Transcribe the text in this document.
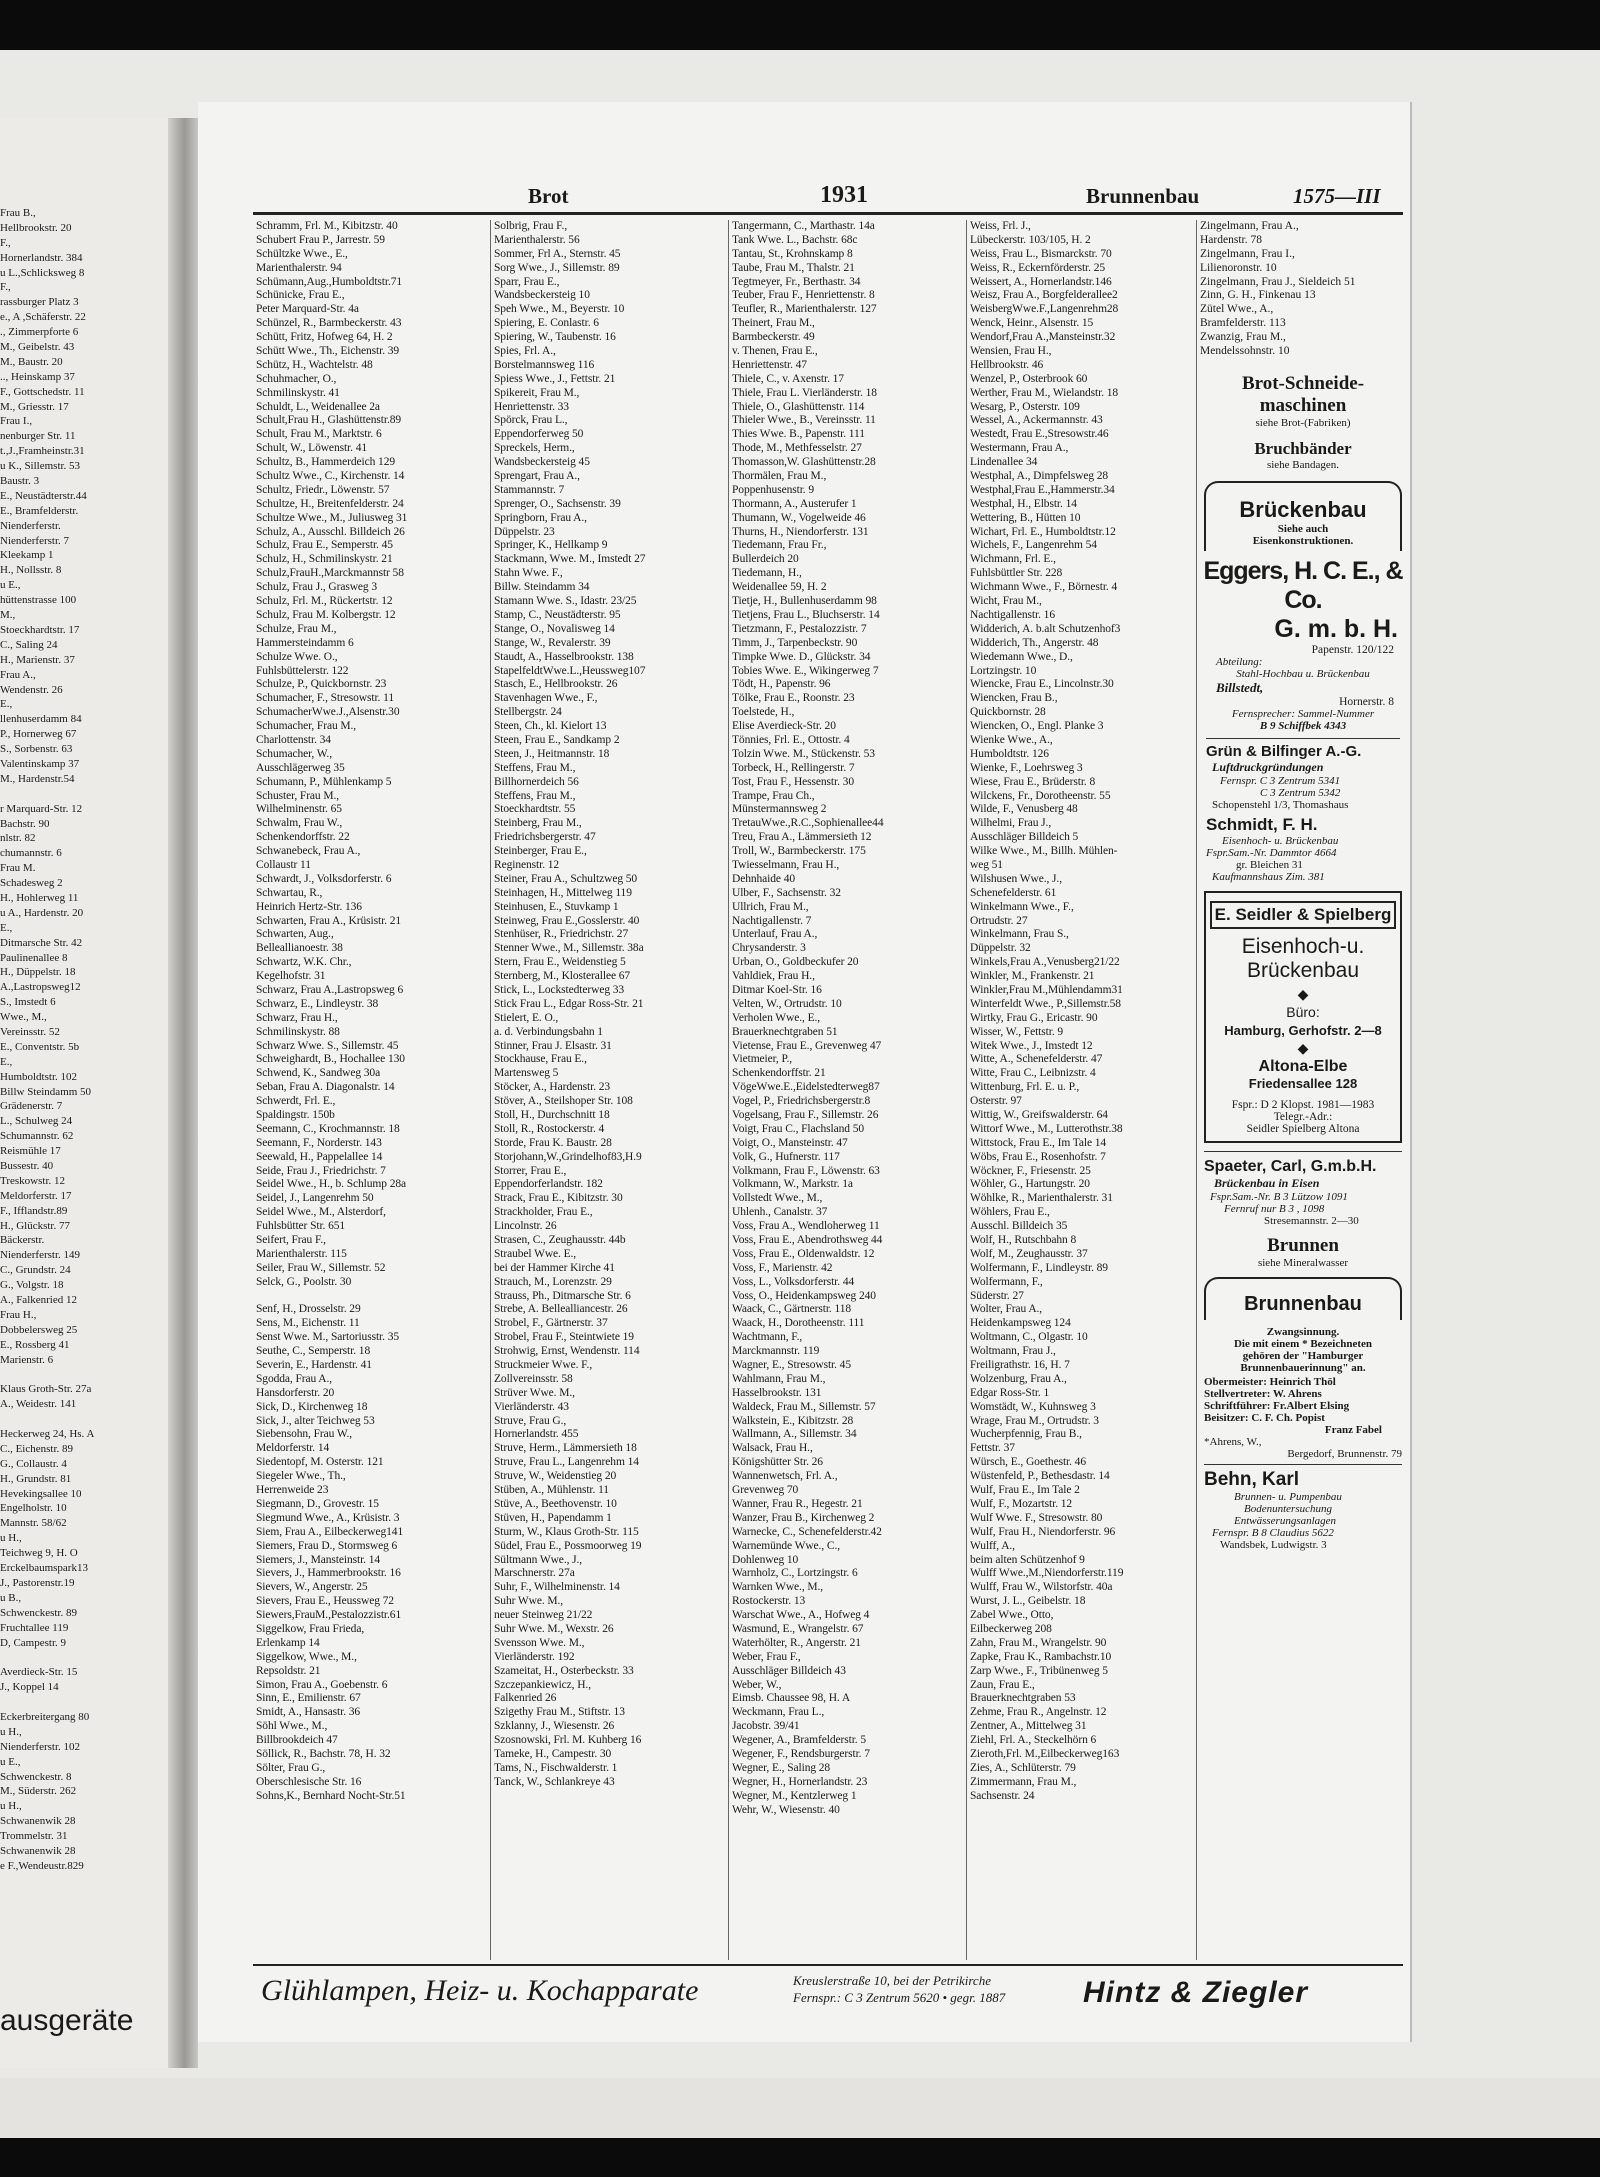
Frau B.,
Hellbrookstr. 20
F.,
Hornerlandstr. 384
u L.,Schlicksweg 8
F.,
rassburger Platz 3
e., A ,Schäferstr. 22
., Zimmerpforte 6
M., Geibelstr. 43
M., Baustr. 20
.., Heinskamp 37
F., Gottschedstr. 11
M., Griesstr. 17
Frau I.,
nenburger Str. 11
t.,J.,Framheinstr.31
u K., Sillemstr. 53
Baustr. 3
E., Neustädterstr.44
E., Bramfelderstr.
Nienderferstr.
Nienderferstr. 7
Kleekamp 1
H., Nollsstr. 8
u E.,
hüttenstrasse 100
M.,
Stoeckhardtstr. 17
C., Saling 24
H., Marienstr. 37
Frau A.,
Wendenstr. 26
E.,
llenhuserdamm 84
P., Hornerweg 67
S., Sorbenstr. 63
Valentinskamp 37
M., Hardenstr.54
r Marquard-Str. 12
Bachstr. 90
nlstr. 82
chumannstr. 6
Frau M.
Schadesweg 2
H., Hohlerweg 11
u A., Hardenstr. 20
E.,
Ditmarsche Str. 42
Paulinenallee 8
H., Düppelstr. 18
A.,Lastropsweg12
S., Imstedt 6
Wwe., M.,
Vereinsstr. 52
E., Conventstr. 5b
E.,
Humboldtstr. 102
Billw Steindamm 50
Grädenerstr. 7
L., Schulweg 24
Schumannstr. 62
Reismühle 17
Bussestr. 40
Treskowstr. 12
Meldorferstr. 17
F., Ifflandstr.89
H., Glückstr. 77
Bäckerstr.
Nienderferstr. 149
C., Grundstr. 24
G., Volgstr. 18
A., Falkenried 12
Frau H.,
Dobbelersweg 25
E., Rossberg 41
Marienstr. 6
Klaus Groth-Str. 27a
A., Weidestr. 141
Heckerweg 24, Hs. A
C., Eichenstr. 89
G., Collaustr. 4
H., Grundstr. 81
Hevekingsallee 10
Engelholstr. 10
Mannstr. 58/62
u H.,
Teichweg 9, H. O
Erckelbaumspark13
J., Pastorenstr.19
u B.,
Schwenckestr. 89
Fruchtallee 119
D, Campestr. 9
Averdieck-Str. 15
J., Koppel 14
Eckerbreitergang 80
u H.,
Nienderferstr. 102
u E.,
Schwenckestr. 8
M., Süderstr. 262
u H.,
Schwanenwik 28
Trommelstr. 31
Schwanenwik 28
e F.,Wendeustr.829
ausgeräte
Brot	1931	Brunnenbau	1575—III
Schramm, Frl. M., Kibitzstr. 40
Schubert Frau P., Jarrestr. 59
Schültzke Wwe., E.,
Marienthalerstr. 94
Schümann,Aug.,Humboldtstr.71
Schünicke, Frau E.,
Peter Marquard-Str. 4a
Schünzel, R., Barmbeckerstr. 43
Schütt, Fritz, Hofweg 64, H. 2
Schütt Wwe., Th., Eichenstr. 39
Schütz, H., Wachtelstr. 48
Schuhmacher, O.,
Schmilinskystr. 41
Schuldt, L., Weidenallee 2a
Schult,Frau H., Glashüttenstr.89
Schult, Frau M., Marktstr. 6
Schult, W., Löwenstr. 41
Schultz, B., Hammerdeich 129
Schultz Wwe., C., Kirchenstr. 14
Schultz, Friedr., Löwenstr. 57
Schultze, H., Breitenfelderstr. 24
Schultze Wwe., M., Juliusweg 31
Schulz, A., Ausschl. Billdeich 26
Schulz, Frau E., Semperstr. 45
Schulz, H., Schmilinskystr. 21
Schulz,FrauH.,Marckmannstr 58
Schulz, Frau J., Grasweg 3
Schulz, Frl. M., Rückertstr. 12
Schulz, Frau M. Kolbergstr. 12
Schulze, Frau M.,
Hammersteindamm 6
Schulze Wwe. O.,
Fuhlsbüttelerstr. 122
Schulze, P., Quickbornstr. 23
Schumacher, F., Stresowstr. 11
SchumacherWwe.J.,Alsenstr.30
Schumacher, Frau M.,
Charlottenstr. 34
Schumacher, W.,
Ausschlägerweg 35
Schumann, P., Mühlenkamp 5
Schuster, Frau M.,
Wilhelminenstr. 65
Schwalm, Frau W.,
Schenkendorffstr. 22
Schwanebeck, Frau A.,
Collaustr 11
Schwardt, J., Volksdorferstr. 6
Schwartau, R.,
Heinrich Hertz-Str. 136
Schwarten, Frau A., Krüsistr. 21
Schwarten, Aug.,
Belleallianoestr. 38
Schwartz, W.K. Chr.,
Kegelhofstr. 31
Schwarz, Frau A.,Lastropsweg 6
Schwarz, E., Lindleystr. 38
Schwarz, Frau H.,
Schmilinskystr. 88
Schwarz Wwe. S., Sillemstr. 45
Schweighardt, B., Hochallee 130
Schwend, K., Sandweg 30a
Seban, Frau A. Diagonalstr. 14
Schwerdt, Frl. E.,
Spaldingstr. 150b
Seemann, C., Krochmannstr. 18
Seemann, F., Norderstr. 143
Seewald, H., Pappelallee 14
Seide, Frau J., Friedrichstr. 7
Seidel Wwe., H., b. Schlump 28a
Seidel, J., Langenrehm 50
Seidel Wwe., M., Alsterdorf,
Fuhlsbütter Str. 651
Seifert, Frau F.,
Marienthalerstr. 115
Seiler, Frau W., Sillemstr. 52
Selck, G., Poolstr. 30
Senf, H., Drosselstr. 29
Sens, M., Eichenstr. 11
Senst Wwe. M., Sartoriusstr. 35
Seuthe, C., Semperstr. 18
Severin, E., Hardenstr. 41
Sgodda, Frau A.,
Hansdorferstr. 20
Sick, D., Kirchenweg 18
Sick, J., alter Teichweg 53
Siebensohn, Frau W.,
Meldorferstr. 14
Siedentopf, M. Osterstr. 121
Siegeler Wwe., Th.,
Herrenweide 23
Siegmann, D., Grovestr. 15
Siegmund Wwe., A., Krüsistr. 3
Siem, Frau A., Eilbeckerweg141
Siemers, Frau D., Stormsweg 6
Siemers, J., Mansteinstr. 14
Sievers, J., Hammerbrookstr. 16
Sievers, W., Angerstr. 25
Sievers, Frau E., Heussweg 72
Siewers,FrauM.,Pestalozzistr.61
Siggelkow, Frau Frieda,
Erlenkamp 14
Siggelkow, Wwe., M.,
Repsoldstr. 21
Simon, Frau A., Goebenstr. 6
Sinn, E., Emilienstr. 67
Smidt, A., Hansastr. 36
Söhl Wwe., M.,
Billbrookdeich 47
Söllick, R., Bachstr. 78, H. 32
Sölter, Frau G.,
Oberschlesische Str. 16
Sohns,K., Bernhard Nocht-Str.51
Solbrig, Frau F.,
Marienthalerstr. 56
Sommer, Frl A., Sternstr. 45
Sorg Wwe., J., Sillemstr. 89
Sparr, Frau E.,
Wandsbeckersteig 10
Speh Wwe., M., Beyerstr. 10
Spiering, E. Conlastr. 6
Spiering, W., Taubenstr. 16
Spies, Frl. A.,
Borstelmannsweg 116
Spiess Wwe., J., Fettstr. 21
Spikereit, Frau M.,
Henriettenstr. 33
Spörck, Frau L.,
Eppendorferweg 50
Spreckels, Herm.,
Wandsbeckersteig 45
Sprengart, Frau A.,
Stammannstr. 7
Sprenger, O., Sachsenstr. 39
Springborn, Frau A.,
Düppelstr. 23
Springer, K., Hellkamp 9
Stackmann, Wwe. M., Imstedt 27
Stahn Wwe. F.,
Billw. Steindamm 34
Stamann Wwe. S., Idastr. 23/25
Stamp, C., Neustädterstr. 95
Stange, O., Novalisweg 14
Stange, W., Revalerstr. 39
Staudt, A., Hasselbrookstr. 138
StapelfeldtWwe.L.,Heussweg107
Stasch, E., Hellbrookstr. 26
Stavenhagen Wwe., F.,
Stellbergstr. 24
Steen, Ch., kl. Kielort 13
Steen, Frau E., Sandkamp 2
Steen, J., Heitmannstr. 18
Steffens, Frau M.,
Billhornerdeich 56
Steffens, Frau M.,
Stoeckhardtstr. 55
Steinberg, Frau M.,
Friedrichsbergerstr. 47
Steinberger, Frau E.,
Reginenstr. 12
Steiner, Frau A., Schultzweg 50
Steinhagen, H., Mittelweg 119
Steinhusen, E., Stuvkamp 1
Steinweg, Frau E.,Gosslerstr. 40
Stenhüser, R., Friedrichstr. 27
Stenner Wwe., M., Sillemstr. 38a
Stern, Frau E., Weidenstieg 5
Sternberg, M., Klosterallee 67
Stick, L., Lockstedterweg 33
Stick Frau L., Edgar Ross-Str. 21
Stielert, E. O.,
a. d. Verbindungsbahn 1
Stinner, Frau J. Elsastr. 31
Stockhause, Frau E.,
Martensweg 5
Stöcker, A., Hardenstr. 23
Stöver, A., Steilshoper Str. 108
Stoll, H., Durchschnitt 18
Stoll, R., Rostockerstr. 4
Storde, Frau K. Baustr. 28
Storjohann,W.,Grindelhof83,H.9
Storrer, Frau E.,
Eppendorferlandstr. 182
Strack, Frau E., Kibitzstr. 30
Strackholder, Frau E.,
Lincolnstr. 26
Strasen, C., Zeughausstr. 44b
Straubel Wwe. E.,
bei der Hammer Kirche 41
Strauch, M., Lorenzstr. 29
Strauss, Ph., Ditmarsche Str. 6
Strebe, A. Bellealliancestr. 26
Strobel, F., Gärtnerstr. 37
Strobel, Frau F., Steintwiete 19
Strohwig, Ernst, Wendenstr. 114
Struckmeier Wwe. F.,
Zollvereinsstr. 58
Strüver Wwe. M.,
Vierländerstr. 43
Struve, Frau G.,
Hornerlandstr. 455
Struve, Herm., Lämmersieth 18
Struve, Frau L., Langenrehm 14
Struve, W., Weidenstieg 20
Stüben, A., Mühlenstr. 11
Stüve, A., Beethovenstr. 10
Stüven, H., Papendamm 1
Sturm, W., Klaus Groth-Str. 115
Südel, Frau E., Possmoorweg 19
Sültmann Wwe., J.,
Marschnerstr. 27a
Suhr, F., Wilhelminenstr. 14
Suhr Wwe. M.,
neuer Steinweg 21/22
Suhr Wwe. M., Wexstr. 26
Svensson Wwe. M.,
Vierländerstr. 192
Szameitat, H., Osterbeckstr. 33
Szczepankiewicz, H.,
Falkenried 26
Szigethy Frau M., Stiftstr. 13
Szklanny, J., Wiesenstr. 26
Szosnowski, Frl. M. Kuhberg 16
Tameke, H., Campestr. 30
Tams, N., Fischwalderstr. 1
Tanck, W., Schlankreye 43
Tangermann, C., Marthastr. 14a
Tank Wwe. L., Bachstr. 68c
Tantau, St., Krohnskamp 8
Taube, Frau M., Thalstr. 21
Tegtmeyer, Fr., Berthastr. 34
Teuber, Frau F., Henriettenstr. 8
Teufler, R., Marienthalerstr. 127
Theinert, Frau M.,
Barmbeckerstr. 49
v. Thenen, Frau E.,
Henriettenstr. 47
Thiele, C., v. Axenstr. 17
Thiele, Frau L. Vierländerstr. 18
Thiele, O., Glashüttenstr. 114
Thieler Wwe., B., Vereinsstr. 11
Thies Wwe. B., Papenstr. 111
Thode, M., Methfesselstr. 27
Thomasson,W. Glashüttenstr.28
Thormälen, Frau M.,
Poppenhusenstr. 9
Thormann, A., Austerufer 1
Thumann, W., Vogelweide 46
Thurns, H., Niendorferstr. 131
Tiedemann, Frau Fr.,
Bullerdeich 20
Tiedemann, H.,
Weidenallee 59, H. 2
Tietje, H., Bullenhuserdamm 98
Tietjens, Frau L., Bluchserstr. 14
Tietzmann, F., Pestalozzistr. 7
Timm, J., Tarpenbeckstr. 90
Timpke Wwe. D., Glückstr. 34
Tobies Wwe. E., Wikingerweg 7
Tödt, H., Papenstr. 96
Tölke, Frau E., Roonstr. 23
Toelstede, H.,
Elise Averdieck-Str. 20
Tönnies, Frl. E., Ottostr. 4
Tolzin Wwe. M., Stückenstr. 53
Torbeck, H., Rellingerstr. 7
Tost, Frau F., Hessenstr. 30
Trampe, Frau Ch.,
Münstermannsweg 2
TretauWwe.,R.C.,Sophienallee44
Treu, Frau A., Lämmersieth 12
Troll, W., Barmbeckerstr. 175
Twiesselmann, Frau H.,
Dehnhaide 40
Ulber, F., Sachsenstr. 32
Ullrich, Frau M.,
Nachtigallenstr. 7
Unterlauf, Frau A.,
Chrysanderstr. 3
Urban, O., Goldbeckufer 20
Vahldiek, Frau H.,
Ditmar Koel-Str. 16
Velten, W., Ortrudstr. 10
Verholen Wwe., E.,
Brauerknechtgraben 51
Vietense, Frau E., Grevenweg 47
Vietmeier, P.,
Schenkendorffstr. 21
VögeWwe.E.,Eidelstedterweg87
Vogel, P., Friedrichsbergerstr.8
Vogelsang, Frau F., Sillemstr. 26
Voigt, Frau C., Flachsland 50
Voigt, O., Mansteinstr. 47
Volk, G., Hufnerstr. 117
Volkmann, Frau F., Löwenstr. 63
Volkmann, W., Markstr. 1a
Vollstedt Wwe., M.,
Uhlenh., Canalstr. 37
Voss, Frau A., Wendloherweg 11
Voss, Frau E., Abendrothsweg 44
Voss, Frau E., Oldenwaldstr. 12
Voss, F., Marienstr. 42
Voss, L., Volksdorferstr. 44
Voss, O., Heidenkampsweg 240
Waack, C., Gärtnerstr. 118
Waack, H., Dorotheenstr. 111
Wachtmann, F.,
Marckmannstr. 119
Wagner, E., Stresowstr. 45
Wahlmann, Frau M.,
Hasselbrookstr. 131
Waldeck, Frau M., Sillemstr. 57
Walkstein, E., Kibitzstr. 28
Wallmann, A., Sillemstr. 34
Walsack, Frau H.,
Königshütter Str. 26
Wannenwetsch, Frl. A.,
Grevenweg 70
Wanner, Frau R., Hegestr. 21
Wanzer, Frau B., Kirchenweg 2
Warnecke, C., Schenefelderstr.42
Warnemünde Wwe., C.,
Dohlenweg 10
Warnholz, C., Lortzingstr. 6
Warnken Wwe., M.,
Rostockerstr. 13
Warschat Wwe., A., Hofweg 4
Wasmund, E., Wrangelstr. 67
Waterhölter, R., Angerstr. 21
Weber, Frau F.,
Ausschläger Billdeich 43
Weber, W.,
Eimsb. Chaussee 98, H. A
Weckmann, Frau L.,
Jacobstr. 39/41
Wegener, A., Bramfelderstr. 5
Wegener, F., Rendsburgerstr. 7
Wegner, E., Saling 28
Wegner, H., Hornerlandstr. 23
Wegner, M., Kentzlerweg 1
Wehr, W., Wiesenstr. 40
Weiss, Frl. J.,
Lübeckerstr. 103/105, H. 2
Weiss, Frau L., Bismarckstr. 70
Weiss, R., Eckernförderstr. 25
Weissert, A., Hornerlandstr.146
Weisz, Frau A., Borgfelderallee2
WeisbergWwe.F.,Langenrehm28
Wenck, Heinr., Alsenstr. 15
Wendorf,Frau A.,Mansteinstr.32
Wensien, Frau H.,
Hellbrookstr. 46
Wenzel, P., Osterbrook 60
Werther, Frau M., Wielandstr. 18
Wesarg, P., Osterstr. 109
Wessel, A., Ackermannstr. 43
Westedt, Frau E.,Stresowstr.46
Westermann, Frau A.,
Lindenallee 34
Westphal, A., Dimpfelsweg 28
Westphal,Frau E.,Hammerstr.34
Westphal, H., Elbstr. 14
Wettering, B., Hütten 10
Wichart, Frl. E., Humboldtstr.12
Wichels, F., Langenrehm 54
Wichmann, Frl. E.,
Fuhlsbüttler Str. 228
Wichmann Wwe., F., Börnestr. 4
Wicht, Frau M.,
Nachtigallenstr. 16
Widderich, A. b.alt Schutzenhof3
Widderich, Th., Angerstr. 48
Wiedemann Wwe., D.,
Lortzingstr. 10
Wiencke, Frau E., Lincolnstr.30
Wiencken, Frau B.,
Quickbornstr. 28
Wiencken, O., Engl. Planke 3
Wienke Wwe., A.,
Humboldtstr. 126
Wienke, F., Loehrsweg 3
Wiese, Frau E., Brüderstr. 8
Wilckens, Fr., Dorotheenstr. 55
Wilde, F., Venusberg 48
Wilhelmi, Frau J.,
Ausschläger Billdeich 5
Wilke Wwe., M., Billh. Mühlen-
weg 51
Wilshusen Wwe., J.,
Schenefelderstr. 61
Winkelmann Wwe., F.,
Ortrudstr. 27
Winkelmann, Frau S.,
Düppelstr. 32
Winkels,Frau A.,Venusberg21/22
Winkler, M., Frankenstr. 21
Winkler,Frau M.,Mühlendamm31
Winterfeldt Wwe., P.,Sillemstr.58
Wirtky, Frau G., Ericastr. 90
Wisser, W., Fettstr. 9
Witek Wwe., J., Imstedt 12
Witte, A., Schenefelderstr. 47
Witte, Frau C., Leibnizstr. 4
Wittenburg, Frl. E. u. P.,
Osterstr. 97
Wittig, W., Greifswalderstr. 64
Wittorf Wwe., M., Lutterothstr.38
Wittstock, Frau E., Im Tale 14
Wöbs, Frau E., Rosenhofstr. 7
Wöckner, F., Friesenstr. 25
Wöhler, G., Hartungstr. 20
Wöhlke, R., Marienthalerstr. 31
Wöhlers, Frau E.,
Ausschl. Billdeich 35
Wolf, H., Rutschbahn 8
Wolf, M., Zeughausstr. 37
Wolfermann, F., Lindleystr. 89
Wolfermann, F.,
Süderstr. 27
Wolter, Frau A.,
Heidenkampsweg 124
Woltmann, C., Olgastr. 10
Woltmann, Frau J.,
Freiligrathstr. 16, H. 7
Wolzenburg, Frau A.,
Edgar Ross-Str. 1
Womstädt, W., Kuhnsweg 3
Wrage, Frau M., Ortrudstr. 3
Wucherpfennig, Frau B.,
Fettstr. 37
Würsch, E., Goethestr. 46
Wüstenfeld, P., Bethesdastr. 14
Wulf, Frau E., Im Tale 2
Wulf, F., Mozartstr. 12
Wulf Wwe. F., Stresowstr. 80
Wulf, Frau H., Niendorferstr. 96
Wulff, A.,
beim alten Schützenhof 9
Wulff Wwe.,M.,Niendorferstr.119
Wulff, Frau W., Wilstorfstr. 40a
Wurst, J. L., Geibelstr. 18
Zabel Wwe., Otto,
Eilbeckerweg 208
Zahn, Frau M., Wrangelstr. 90
Zapke, Frau K., Rambachstr.10
Zarp Wwe., F., Tribünenweg 5
Zaun, Frau E.,
Brauerknechtgraben 53
Zehme, Frau R., Angelnstr. 12
Zentner, A., Mittelweg 31
Ziehl, Frl. A., Steckelhörn 6
Zieroth,Frl. M.,Eilbeckerweg163
Zies, A., Schlüterstr. 79
Zimmermann, Frau M.,
Sachsenstr. 24
Zingelmann, Frau A.,
Hardenstr. 78
Zingelmann, Frau I.,
Lilienoronstr. 10
Zingelmann, Frau J., Sieldeich 51
Zinn, G. H., Finkenau 13
Zütel Wwe., A.,
Bramfelderstr. 113
Zwanzig, Frau M.,
Mendelssohnstr. 10
Brot-Schneide-
maschinen
siehe Brot-(Fabriken)
Bruchbänder
siehe Bandagen.
Brückenbau
Siehe auch
Eisenkonstruktionen.
Eggers, H. C. E., & Co.
G. m. b. H.
Papenstr. 120/122
Abteilung:
Stahl-Hochbau u. Brückenbau
Billstedt,
Hornerstr. 8
Fernsprecher: Sammel-Nummer
B 9 Schiffbek 4343
Grün & Bilfinger A.-G.
Luftdruckgründungen
Fernspr. C 3 Zentrum 5341
C 3 Zentrum 5342
Schopenstehl 1/3, Thomashaus
Schmidt, F. H.
Eisenhoch- u. Brückenbau
Fspr.Sam.-Nr. Dammtor 4664
gr. Bleichen 31
Kaufmannshaus Zim. 381
E. Seidler & Spielberg
Eisenhoch-u.
Brückenbau
◆
Büro:
Hamburg, Gerhofstr. 2—8
◆
Altona-Elbe
Friedensallee 128
Fspr.: D 2 Klopst. 1981—1983
Telegr.-Adr.:
Seidler Spielberg Altona
Spaeter, Carl, G.m.b.H.
Brückenbau in Eisen
Fspr.Sam.-Nr. B 3 Lützow 1091
Fernruf nur B 3 , 1098
Stresemannstr. 2—30
Brunnen
siehe Mineralwasser
Brunnenbau
Zwangsinnung.
Die mit einem * Bezeichneten
gehören der "Hamburger
Brunnenbauerinnung" an.
Obermeister: Heinrich Thöl
Stellvertreter: W. Ahrens
Schriftführer: Fr.Albert Elsing
Beisitzer: C. F. Ch. Popist
Franz Fabel
*Ahrens, W.,
Bergedorf, Brunnenstr. 79
Behn, Karl
Brunnen- u. Pumpenbau
Bodenuntersuchung
Entwässerungsanlagen
Fernspr. B 8 Claudius 5622
Wandsbek, Ludwigstr. 3
Glühlampen, Heiz- u. Kochapparate	Kreuslerstraße 10, bei der Petrikirche
Fernspr.: C 3 Zentrum 5620 • gegr. 1887	Hintz & Ziegler
